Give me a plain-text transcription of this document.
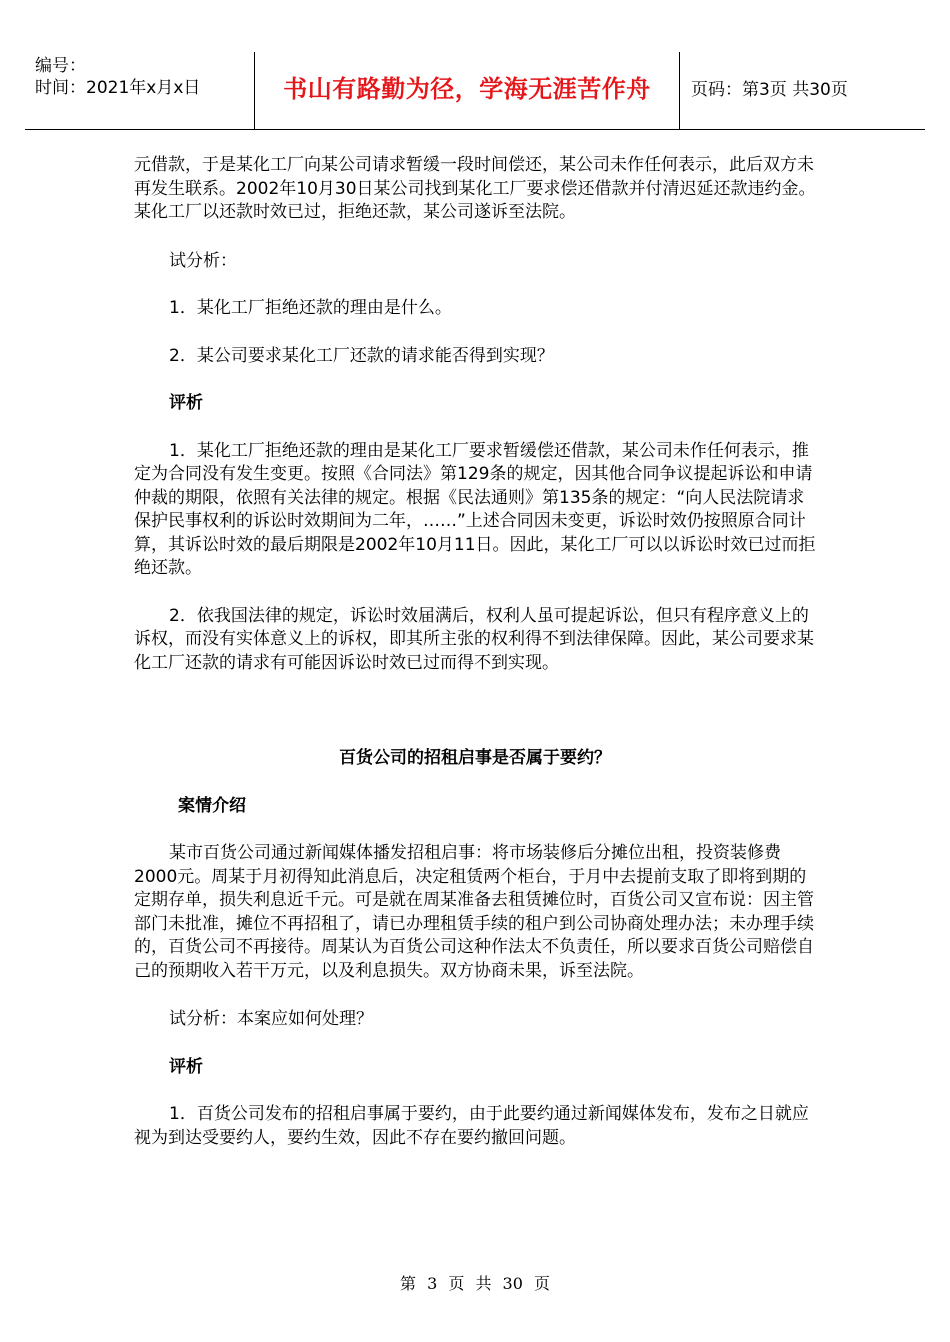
编号：
时间：2021年x月x日	书山有路勤为径，学海无涯苦作舟	页码：第3页 共30页

元借款，于是某化工厂向某公司请求暂缓一段时间偿还，某公司未作任何表示，此后双方未再发生联系。2002年10月30日某公司找到某化工厂要求偿还借款并付清迟延还款违约金。某化工厂以还款时效已过，拒绝还款，某公司遂诉至法院。

试分析：

1．某化工厂拒绝还款的理由是什么。

2．某公司要求某化工厂还款的请求能否得到实现？

评析

1．某化工厂拒绝还款的理由是某化工厂要求暂缓偿还借款，某公司未作任何表示，推定为合同没有发生变更。按照《合同法》第129条的规定，因其他合同争议提起诉讼和申请仲裁的期限，依照有关法律的规定。根据《民法通则》第135条的规定：“向人民法院请求保护民事权利的诉讼时效期间为二年，……”上述合同因未变更，诉讼时效仍按照原合同计算，其诉讼时效的最后期限是2002年10月11日。因此，某化工厂可以以诉讼时效已过而拒绝还款。

2．依我国法律的规定，诉讼时效届满后，权利人虽可提起诉讼，但只有程序意义上的诉权，而没有实体意义上的诉权，即其所主张的权利得不到法律保障。因此，某公司要求某化工厂还款的请求有可能因诉讼时效已过而得不到实现。

百货公司的招租启事是否属于要约？

案情介绍

某市百货公司通过新闻媒体播发招租启事：将市场装修后分摊位出租，投资装修费2000元。周某于月初得知此消息后，决定租赁两个柜台，于月中去提前支取了即将到期的定期存单，损失利息近千元。可是就在周某准备去租赁摊位时，百货公司又宣布说：因主管部门未批准，摊位不再招租了，请已办理租赁手续的租户到公司协商处理办法；未办理手续的，百货公司不再接待。周某认为百货公司这种作法太不负责任，所以要求百货公司赔偿自己的预期收入若干万元，以及利息损失。双方协商未果，诉至法院。

试分析：本案应如何处理？

评析

1．百货公司发布的招租启事属于要约，由于此要约通过新闻媒体发布，发布之日就应视为到达受要约人，要约生效，因此不存在要约撤回问题。

第 3 页 共 30 页
